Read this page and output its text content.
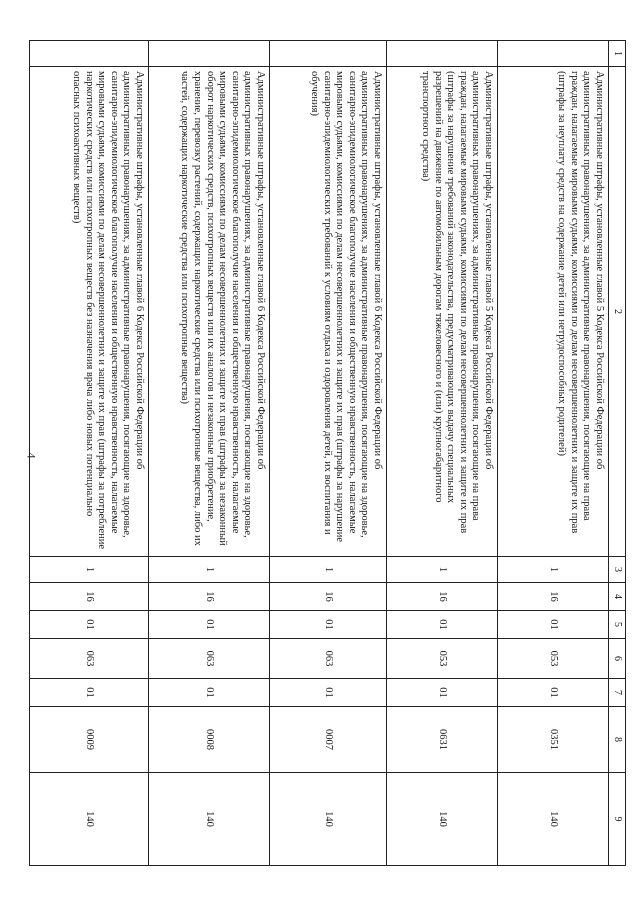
4
1	2	3	4	5	6	7	8	9
	Административные штрафы, установленные главой 5 Кодекса Российской Федерации об административных правонарушениях, за административные правонарушения, посягающие на права граждан, налагаемые мировыми судьями, комиссиями по делам несовершеннолетних и защите их прав (штрафы за неуплату средств на содержание детей или нетрудоспособных родителей)	1	16	01	053	01	0351	140
	Административные штрафы, установленные главой 5 Кодекса Российской Федерации об административных правонарушениях, за административные правонарушения, посягающие на права граждан, налагаемые мировыми судьями, комиссиями по делам несовершеннолетних и защите их прав (штрафы за нарушение требований законодательства, предусматривающих выдачу специальных разрешений на движение по автомобильным дорогам тяжеловесного и (или) крупногабаритного транспортного средства)	1	16	01	053	01	0631	140
	Административные штрафы, установленные главой 6 Кодекса Российской Федерации об административных правонарушениях, за административные правонарушения, посягающие на здоровье, санитарно-эпидемиологическое благополучие населения и общественную нравственность, налагаемые мировыми судьями, комиссиями по делам несовершеннолетних и защите их прав (штрафы за нарушение санитарно-эпидемиологических требований к условиям отдыха и оздоровления детей, их воспитания и обучения)	1	16	01	063	01	0007	140
	Административные штрафы, установленные главой 6 Кодекса Российской Федерации об административных правонарушениях, за административные правонарушения, посягающие на здоровье, санитарно-эпидемиологическое благополучие населения и общественную нравственность, налагаемые мировыми судьями, комиссиями по делам несовершеннолетних и защите их прав (штрафы за незаконный оборот наркотических средств, психотропных веществ или их аналогов и незаконные приобретение, хранение, перевозку растений, содержащих наркотические средства или психотропные вещества, либо их частей, содержащих наркотические средства или психотропные вещества)	1	16	01	063	01	0008	140
	Административные штрафы, установленные главой 6 Кодекса Российской Федерации об административных правонарушениях, за административные правонарушения, посягающие на здоровье, санитарно-эпидемиологическое благополучие населения и общественную нравственность, налагаемые мировыми судьями, комиссиями по делам несовершеннолетних и защите их прав (штрафы за потребление наркотических средств или психотропных веществ без назначения врача либо новых потенциально опасных психоактивных веществ)	1	16	01	063	01	0009	140
